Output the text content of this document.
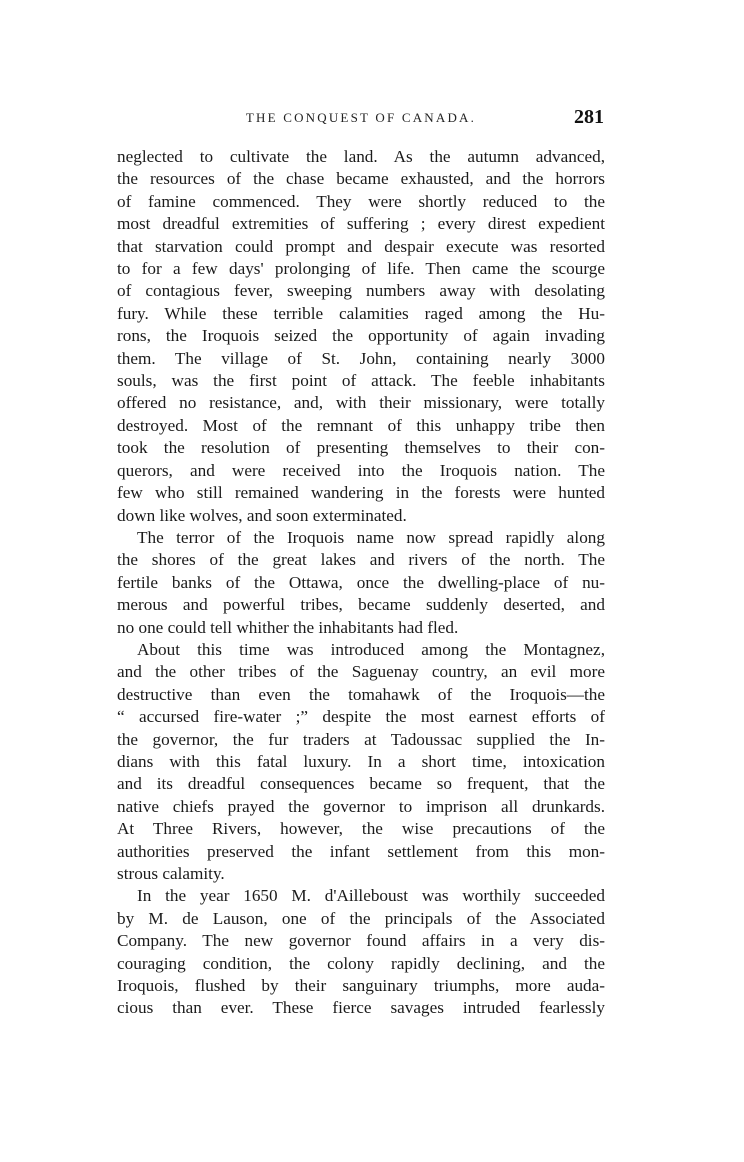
THE CONQUEST OF CANADA.	281
neglected to cultivate the land. As the autumn advanced,
the resources of the chase became exhausted, and the horrors
of famine commenced. They were shortly reduced to the
most dreadful extremities of suffering ; every direst expedient
that starvation could prompt and despair execute was resorted
to for a few days' prolonging of life. Then came the scourge
of contagious fever, sweeping numbers away with desolating
fury. While these terrible calamities raged among the Hu-
rons, the Iroquois seized the opportunity of again invading
them. The village of St. John, containing nearly 3000
souls, was the first point of attack. The feeble inhabitants
offered no resistance, and, with their missionary, were totally
destroyed. Most of the remnant of this unhappy tribe then
took the resolution of presenting themselves to their con-
querors, and were received into the Iroquois nation. The
few who still remained wandering in the forests were hunted
down like wolves, and soon exterminated.
The terror of the Iroquois name now spread rapidly along
the shores of the great lakes and rivers of the north. The
fertile banks of the Ottawa, once the dwelling-place of nu-
merous and powerful tribes, became suddenly deserted, and
no one could tell whither the inhabitants had fled.
About this time was introduced among the Montagnez,
and the other tribes of the Saguenay country, an evil more
destructive than even the tomahawk of the Iroquois—the
“ accursed fire-water ;” despite the most earnest efforts of
the governor, the fur traders at Tadoussac supplied the In-
dians with this fatal luxury. In a short time, intoxication
and its dreadful consequences became so frequent, that the
native chiefs prayed the governor to imprison all drunkards.
At Three Rivers, however, the wise precautions of the
authorities preserved the infant settlement from this mon-
strous calamity.
In the year 1650 M. d'Ailleboust was worthily succeeded
by M. de Lauson, one of the principals of the Associated
Company. The new governor found affairs in a very dis-
couraging condition, the colony rapidly declining, and the
Iroquois, flushed by their sanguinary triumphs, more auda-
cious than ever. These fierce savages intruded fearlessly
